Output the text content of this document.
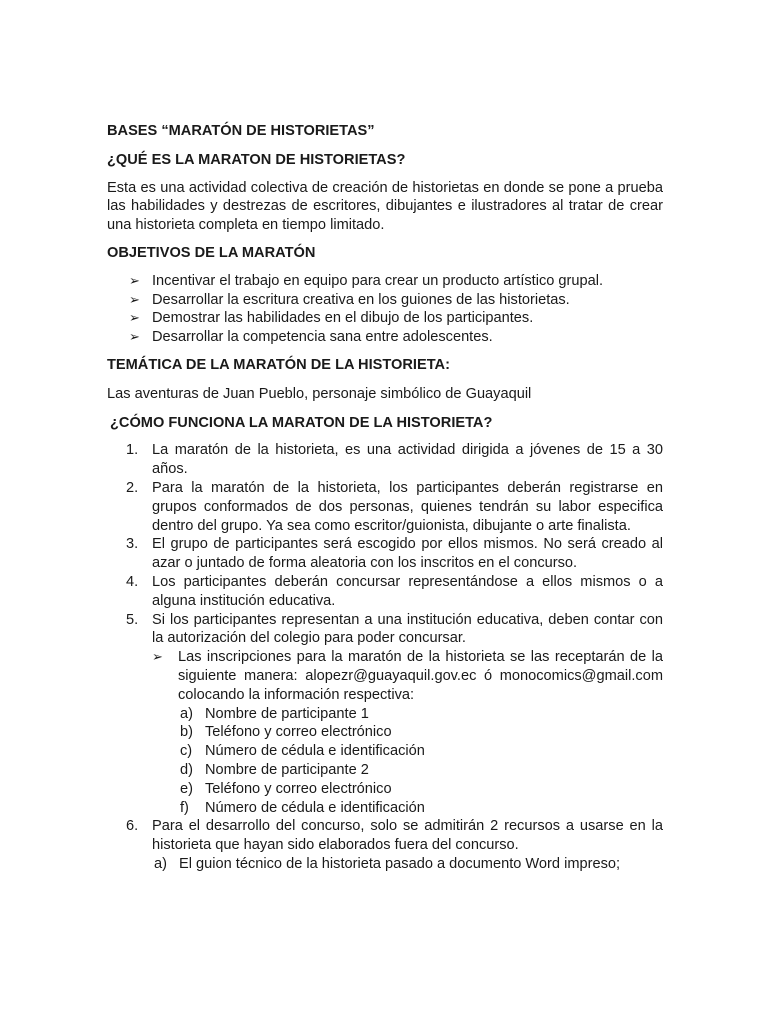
BASES “MARATÓN DE HISTORIETAS”

¿QUÉ ES LA MARATON DE HISTORIETAS?

Esta es una actividad colectiva de creación de historietas en donde se pone a prueba las habilidades y destrezas de escritores, dibujantes e ilustradores al tratar de crear una historieta completa en tiempo limitado.

OBJETIVOS DE LA MARATÓN

➢ Incentivar el trabajo en equipo para crear un producto artístico grupal.
➢ Desarrollar la escritura creativa en los guiones de las historietas.
➢ Demostrar las habilidades en el dibujo de los participantes.
➢ Desarrollar la competencia sana entre adolescentes.

TEMÁTICA DE LA MARATÓN DE LA HISTORIETA:

Las aventuras de Juan Pueblo, personaje simbólico de Guayaquil

¿CÓMO FUNCIONA LA MARATON DE LA HISTORIETA?

1. La maratón de la historieta, es una actividad dirigida a jóvenes de 15 a 30 años.
2. Para la maratón de la historieta, los participantes deberán registrarse en grupos conformados de dos personas, quienes tendrán su labor especifica dentro del grupo. Ya sea como escritor/guionista, dibujante o arte finalista.
3. El grupo de participantes será escogido por ellos mismos. No será creado al azar o juntado de forma aleatoria con los inscritos en el concurso.
4. Los participantes deberán concursar representándose a ellos mismos o a alguna institución educativa.
5. Si los participantes representan a una institución educativa, deben contar con la autorización del colegio para poder concursar.
➢ Las inscripciones para la maratón de la historieta se las receptarán de la siguiente manera: alopezr@guayaquil.gov.ec ó monocomics@gmail.com colocando la información respectiva:
a) Nombre de participante 1
b) Teléfono y correo electrónico
c) Número de cédula e identificación
d) Nombre de participante 2
e) Teléfono y correo electrónico
f) Número de cédula e identificación
6. Para el desarrollo del concurso, solo se admitirán 2 recursos a usarse en la historieta que hayan sido elaborados fuera del concurso.
a) El guion técnico de la historieta pasado a documento Word impreso;
